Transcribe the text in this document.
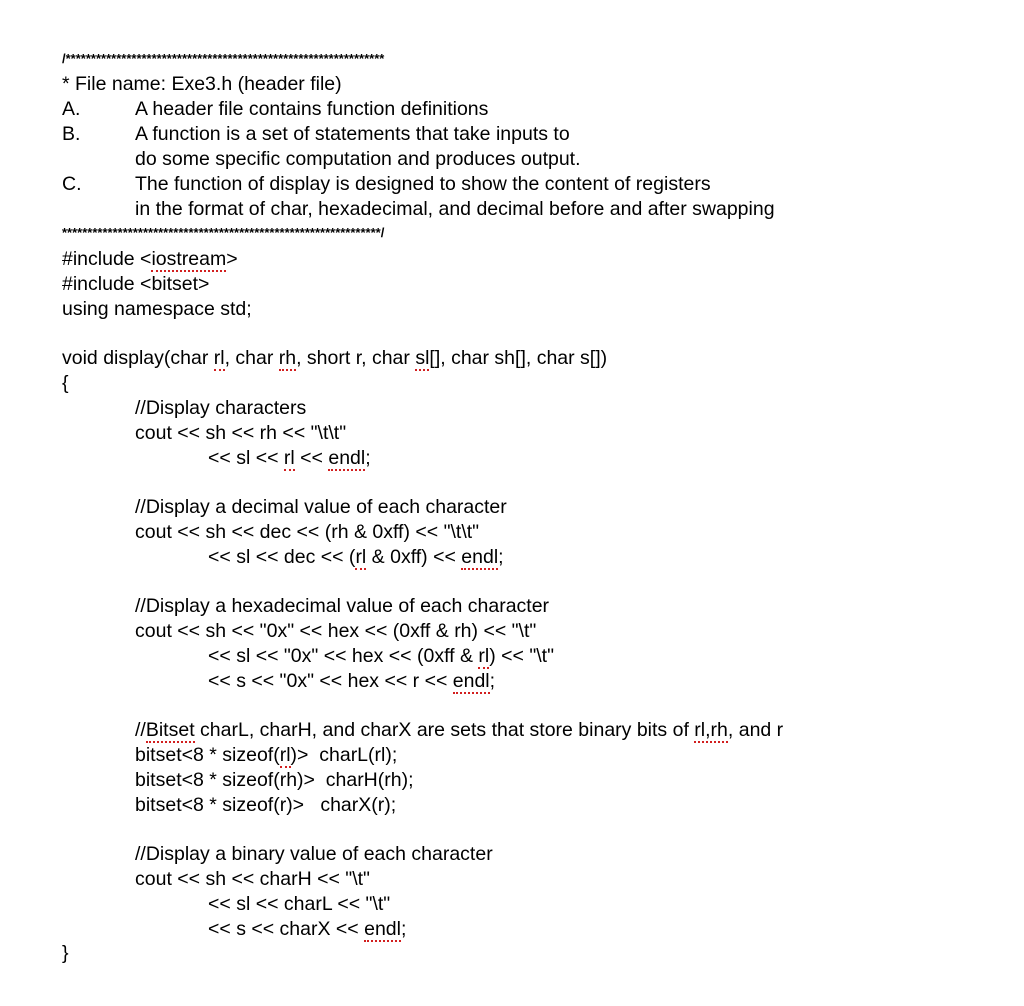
/***************************************************************
* File name: Exe3.h (header file)
A.	A header file contains function definitions
B.	A function is a set of statements that take inputs to
do some specific computation and produces output.
C.	The function of display is designed to show the content of registers
in the format of char, hexadecimal, and decimal before and after swapping
***************************************************************/
#include <iostream>
#include <bitset>
using namespace std;
void display(char rl, char rh, short r, char sl[], char sh[], char s[])
{
//Display characters
cout << sh << rh << "\t\t"
<< sl << rl << endl;
//Display a decimal value of each character
cout << sh << dec << (rh & 0xff) << "\t\t"
<< sl << dec << (rl & 0xff) << endl;
//Display a hexadecimal value of each character
cout << sh << "0x" << hex << (0xff & rh) << "\t"
<< sl << "0x" << hex << (0xff & rl) << "\t"
<< s << "0x" << hex << r << endl;
//Bitset charL, charH, and charX are sets that store binary bits of rl,rh, and r
bitset<8 * sizeof(rl)>  charL(rl);
bitset<8 * sizeof(rh)>  charH(rh);
bitset<8 * sizeof(r)>   charX(r);
//Display a binary value of each character
cout << sh << charH << "\t"
<< sl << charL << "\t"
<< s << charX << endl;
}
